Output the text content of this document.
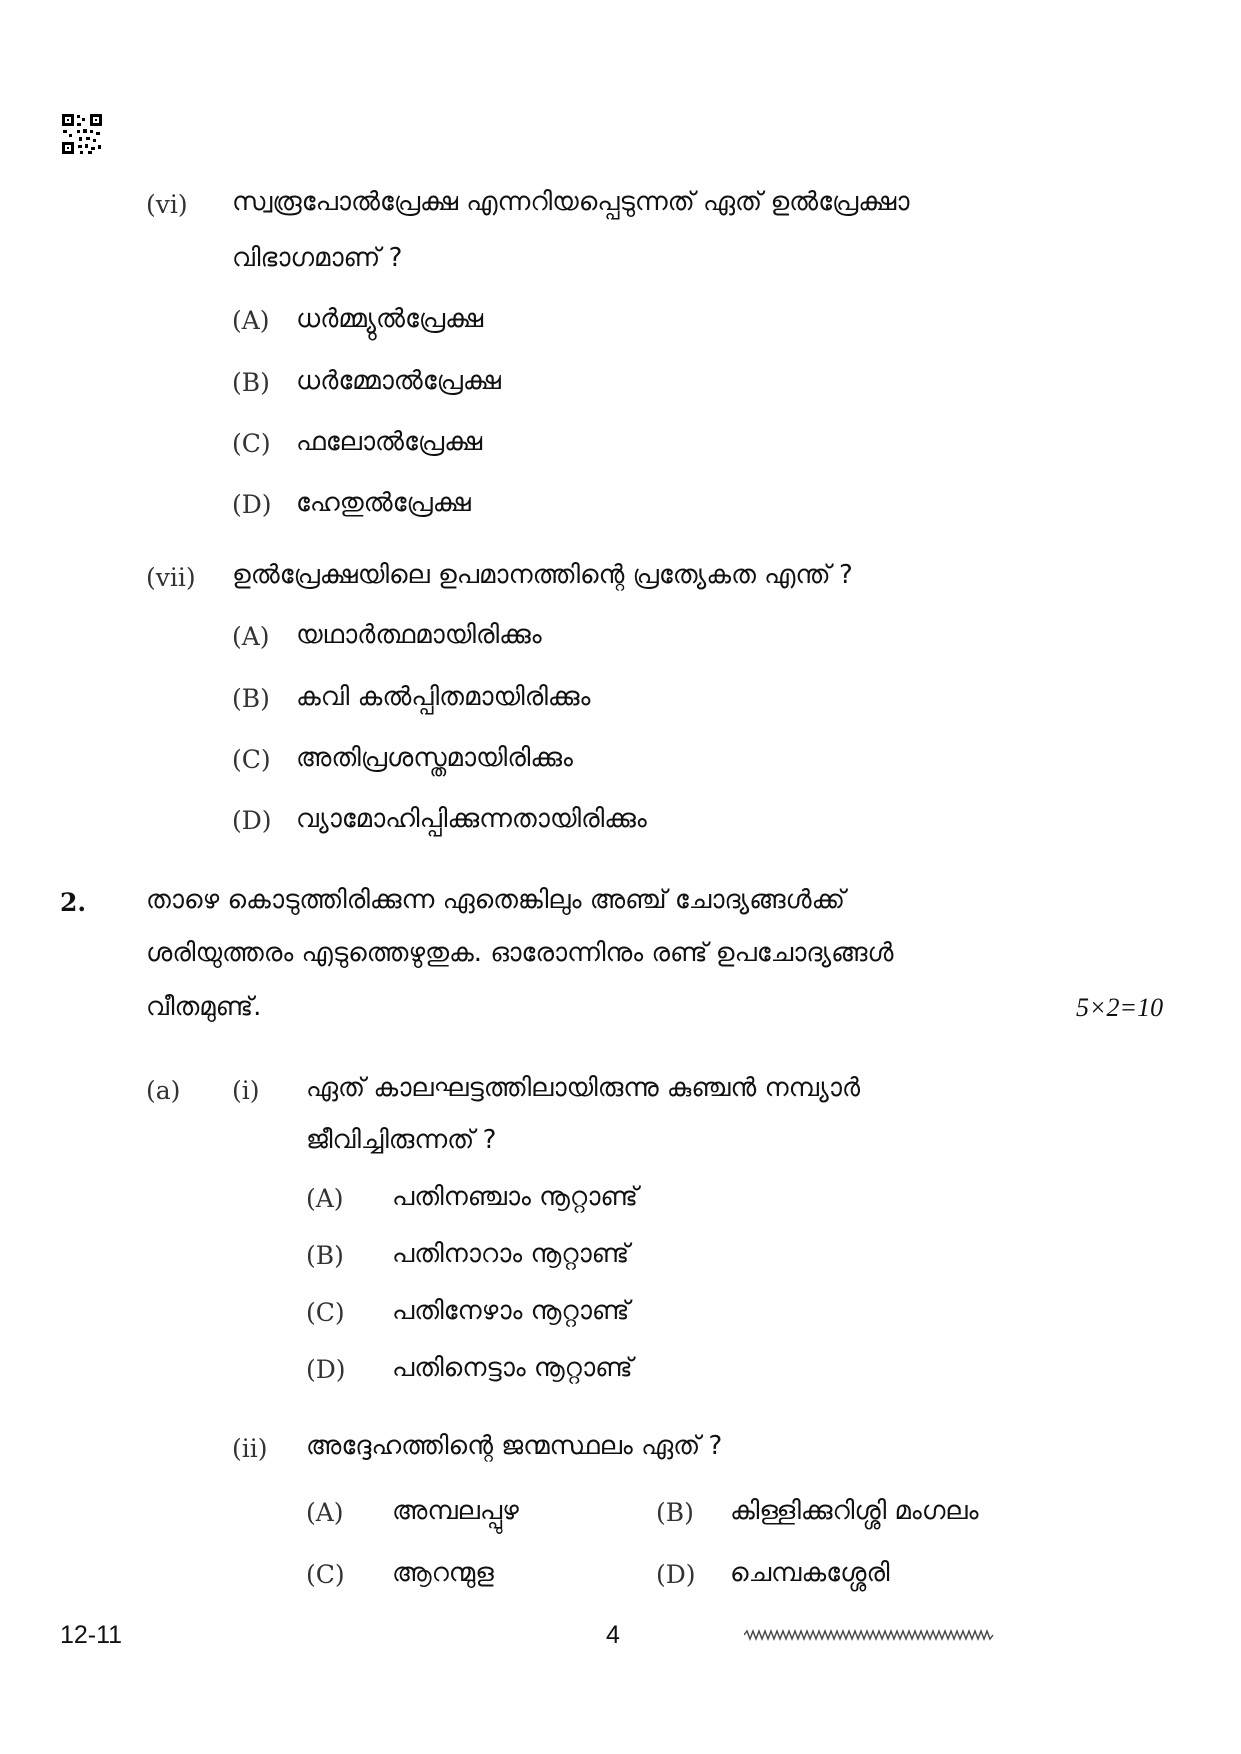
(vi) സ്വരൂപോൽപ്രേക്ഷ എന്നറിയപ്പെടുന്നത് ഏത് ഉൽപ്രേക്ഷാ
വിഭാഗമാണ് ?
(A) ധർമ്മ്യുൽപ്രേക്ഷ
(B) ധർമ്മോൽപ്രേക്ഷ
(C) ഫലോൽപ്രേക്ഷ
(D) ഹേതുൽപ്രേക്ഷ
(vii) ഉൽപ്രേക്ഷയിലെ ഉപമാനത്തിന്റെ പ്രത്യേകത എന്ത് ?
(A) യഥാർത്ഥമായിരിക്കും
(B) കവി കൽപ്പിതമായിരിക്കും
(C) അതിപ്രശസ്തമായിരിക്കും
(D) വ്യാമോഹിപ്പിക്കുന്നതായിരിക്കും
2. താഴെ കൊടുത്തിരിക്കുന്ന ഏതെങ്കിലും അഞ്ച് ചോദ്യങ്ങൾക്ക്
ശരിയുത്തരം എടുത്തെഴുതുക. ഓരോന്നിനും രണ്ട് ഉപചോദ്യങ്ങൾ
വീതമുണ്ട്.	5×2=10
(a) (i) ഏത് കാലഘട്ടത്തിലായിരുന്നു കുഞ്ചൻ നമ്പ്യാർ
ജീവിച്ചിരുന്നത് ?
(A) പതിനഞ്ചാം നൂറ്റാണ്ട്
(B) പതിനാറാം നൂറ്റാണ്ട്
(C) പതിനേഴാം നൂറ്റാണ്ട്
(D) പതിനെട്ടാം നൂറ്റാണ്ട്
(ii) അദ്ദേഹത്തിന്റെ ജന്മസ്ഥലം ഏത് ?
(A) അമ്പലപ്പുഴ	(B) കിള്ളിക്കുറിശ്ശി മംഗലം
(C) ആറന്മുള	(D) ചെമ്പകശ്ശേരി
12-11	4
